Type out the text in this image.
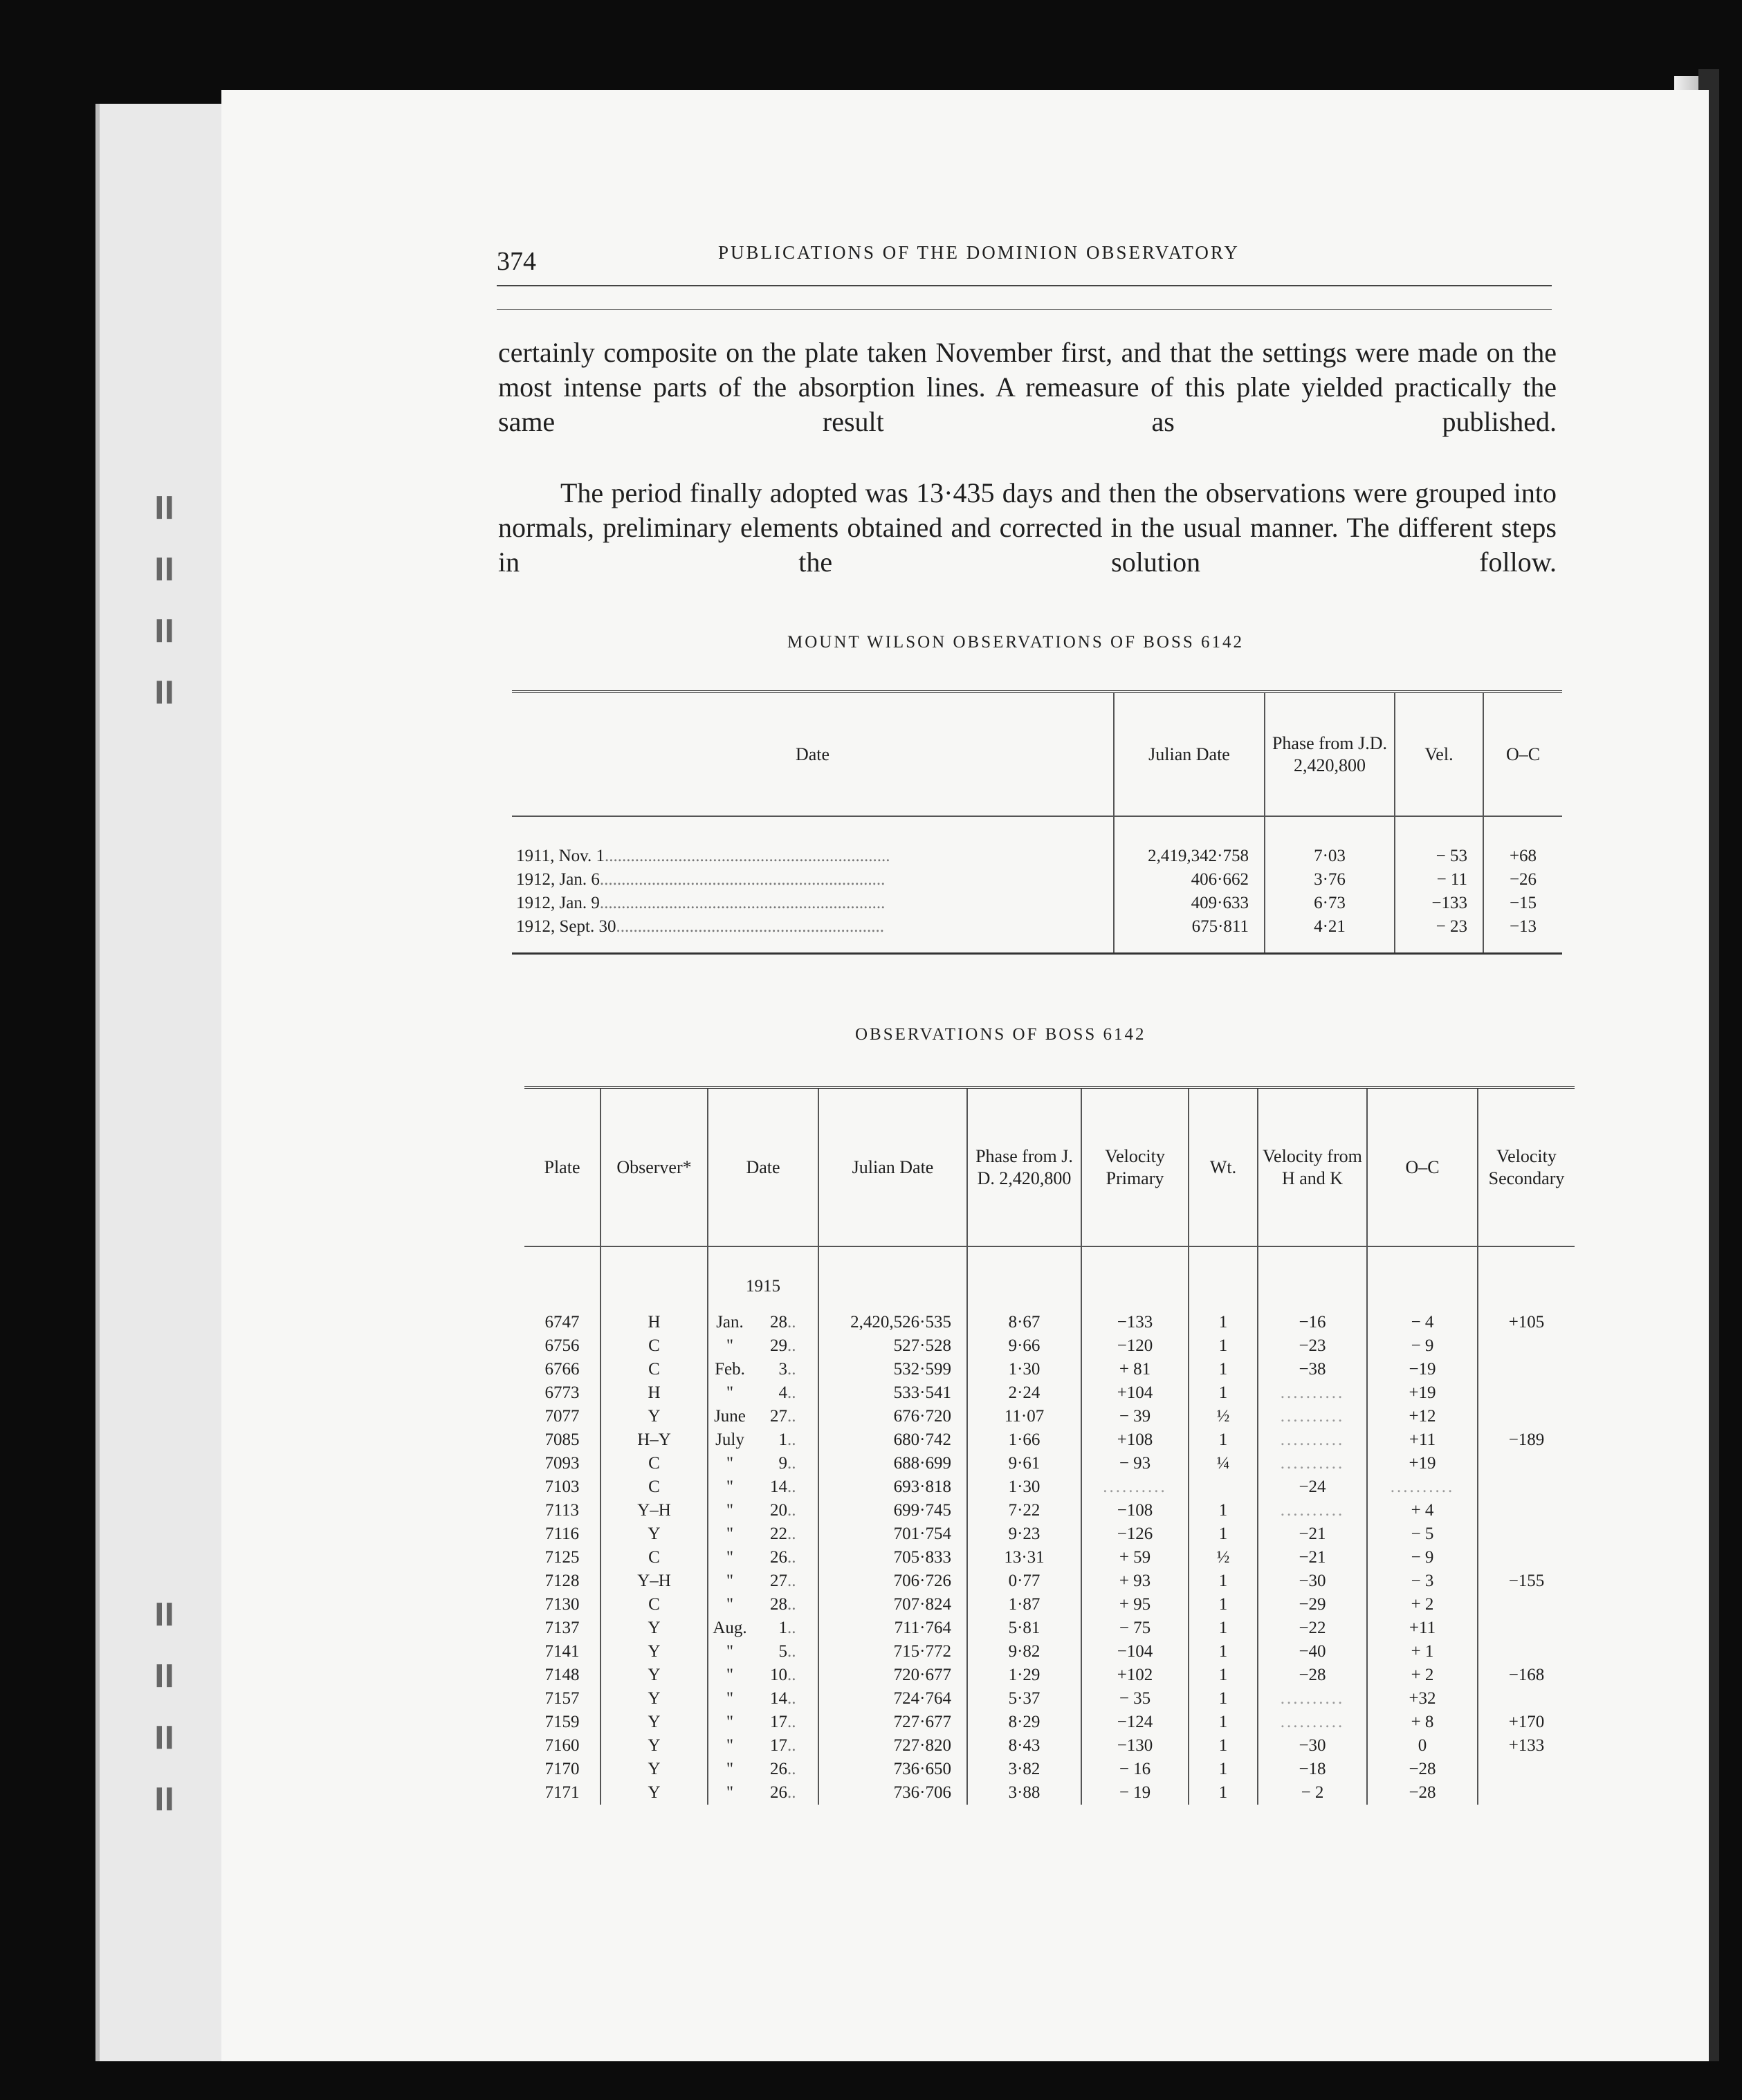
= = = =
= = = =
374	PUBLICATIONS OF THE DOMINION OBSERVATORY

certainly composite on the plate taken November first, and that the settings were made on the most intense parts of the absorption lines. A remeasure of this plate yielded practically the same result as published.

The period finally adopted was 13·435 days and then the observations were grouped into normals, preliminary elements obtained and corrected in the usual manner. The different steps in the solution follow.

MOUNT WILSON OBSERVATIONS OF BOSS 6142
Date	Julian Date	Phase from J.D. 2,420,800	Vel.	O–C
1911, Nov. 1..................................................................	2,419,342·758	7·03	− 53	+68
1912, Jan. 6..................................................................	406·662	3·76	− 11	−26
1912, Jan. 9..................................................................	409·633	6·73	−133	−15
1912, Sept. 30..............................................................	675·811	4·21	− 23	−13
OBSERVATIONS OF BOSS 6142
Plate	Observer*	Date	Julian Date	Phase from J. D. 2,420,800	Velocity Primary	Wt.	Velocity from H and K	O–C	Velocity Secondary
		1915							
6747	H	Jan. 28..	2,420,526·535	8·67	−133	1	−16	− 4	+105
6756	C	" 29..	527·528	9·66	−120	1	−23	− 9	
6766	C	Feb. 3..	532·599	1·30	+ 81	1	−38	−19	
6773	H	" 4..	533·541	2·24	+104	1	..........	+19	
7077	Y	June 27..	676·720	11·07	− 39	½	..........	+12	
7085	H–Y	July 1..	680·742	1·66	+108	1	..........	+11	−189
7093	C	" 9..	688·699	9·61	− 93	¼	..........	+19	
7103	C	" 14..	693·818	1·30	..........		−24	..........	
7113	Y–H	" 20..	699·745	7·22	−108	1	..........	+ 4	
7116	Y	" 22..	701·754	9·23	−126	1	−21	− 5	
7125	C	" 26..	705·833	13·31	+ 59	½	−21	− 9	
7128	Y–H	" 27..	706·726	0·77	+ 93	1	−30	− 3	−155
7130	C	" 28..	707·824	1·87	+ 95	1	−29	+ 2	
7137	Y	Aug. 1..	711·764	5·81	− 75	1	−22	+11	
7141	Y	" 5..	715·772	9·82	−104	1	−40	+ 1	
7148	Y	" 10..	720·677	1·29	+102	1	−28	+ 2	−168
7157	Y	" 14..	724·764	5·37	− 35	1	..........	+32	
7159	Y	" 17..	727·677	8·29	−124	1	..........	+ 8	+170
7160	Y	" 17..	727·820	8·43	−130	1	−30	0	+133
7170	Y	" 26..	736·650	3·82	− 16	1	−18	−28	
7171	Y	" 26..	736·706	3·88	− 19	1	− 2	−28	
